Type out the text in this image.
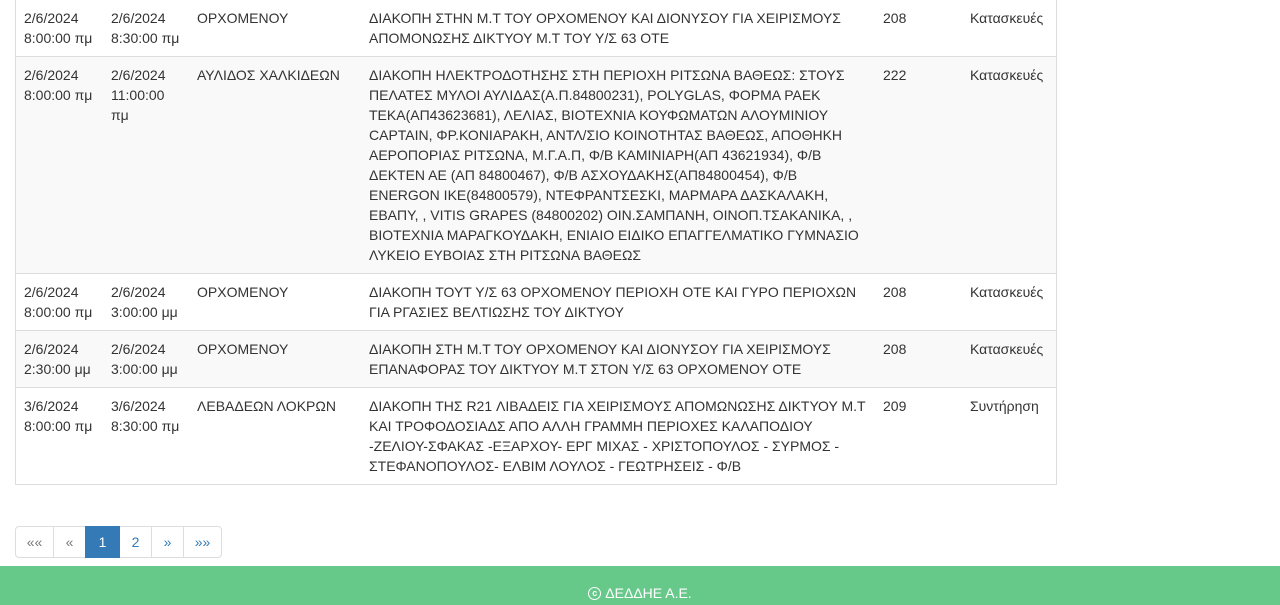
2/6/2024 8:00:00 πμ	2/6/2024 8:30:00 πμ	ΟΡΧΟΜΕΝΟΥ	ΔΙΑΚΟΠΗ ΣΤΗΝ Μ.Τ ΤΟΥ ΟΡΧΟΜΕΝΟΥ ΚΑΙ ΔΙΟΝΥΣΟΥ ΓΙΑ ΧΕΙΡΙΣΜΟΥΣ ΑΠΟΜΟΝΩΣΗΣ ΔΙΚΤΥΟΥ Μ.Τ ΤΟΥ Υ/Σ 63 ΟΤΕ	208	Κατασκευές
2/6/2024 8:00:00 πμ	2/6/2024 11:00:00 πμ	ΑΥΛΙΔΟΣ ΧΑΛΚΙΔΕΩΝ	ΔΙΑΚΟΠΗ ΗΛΕΚΤΡΟΔΟΤΗΣΗΣ ΣΤΗ ΠΕΡΙΟΧΗ ΡΙΤΣΩΝΑ ΒΑΘΕΩΣ: ΣΤΟΥΣ ΠΕΛΑΤΕΣ ΜΥΛΟΙ ΑΥΛΙΔΑΣ(Α.Π.84800231), POLYGLAS, ΦΟΡΜΑ ΡΑΕΚ ΤΕΚΑ(ΑΠ43623681), ΛΕΛΙΑΣ, ΒΙΟΤΕΧΝΙΑ ΚΟΥΦΩΜΑΤΩΝ ΑΛΟΥΜΙΝΙΟΥ CAPTAIN, ΦΡ.ΚΟΝΙΑΡΑΚΗ, ΑΝΤΛ/ΣΙΟ ΚΟΙΝΟΤΗΤΑΣ ΒΑΘΕΩΣ, ΑΠΟΘΗΚΗ ΑΕΡΟΠΟΡΙΑΣ ΡΙΤΣΩΝΑ, Μ.Γ.Α.Π, Φ/Β ΚΑΜΙΝΙΑΡΗ(ΑΠ 43621934), Φ/Β ΔΕΚΤΕΝ ΑΕ (ΑΠ 84800467), Φ/Β ΑΣΧΟΥΔΑΚΗΣ(ΑΠ84800454), Φ/Β ENERGON IKE(84800579), ΝΤΕΦΡΑΝΤΣΕΣΚΙ, ΜΑΡΜΑΡΑ ΔΑΣΚΑΛΑΚΗ, ΕΒΑΠΥ, , VITIS GRAPES (84800202) ΟΙΝ.ΣΑΜΠΑΝΗ, ΟΙΝΟΠ.ΤΣΑΚΑΝΙΚΑ, , ΒΙΟΤΕΧΝΙΑ ΜΑΡΑΓΚΟΥΔΑΚΗ, ΕΝΙΑΙΟ ΕΙΔΙΚΟ ΕΠΑΓΓΕΛΜΑΤΙΚΟ ΓΥΜΝΑΣΙΟ ΛΥΚΕΙΟ ΕΥΒΟΙΑΣ ΣΤΗ ΡΙΤΣΩΝΑ ΒΑΘΕΩΣ	222	Κατασκευές
2/6/2024 8:00:00 πμ	2/6/2024 3:00:00 μμ	ΟΡΧΟΜΕΝΟΥ	ΔΙΑΚΟΠΗ ΤΟΥΤ Υ/Σ 63 ΟΡΧΟΜΕΝΟΥ ΠΕΡΙΟΧΗ ΟΤΕ ΚΑΙ ΓΥΡΟ ΠΕΡΙΟΧΩΝ ΓΙΑ ΡΓΑΣΙΕΣ ΒΕΛΤΙΩΣΗΣ ΤΟΥ ΔΙΚΤΥΟΥ	208	Κατασκευές
2/6/2024 2:30:00 μμ	2/6/2024 3:00:00 μμ	ΟΡΧΟΜΕΝΟΥ	ΔΙΑΚΟΠΗ ΣΤΗ Μ.Τ ΤΟΥ ΟΡΧΟΜΕΝΟΥ ΚΑΙ ΔΙΟΝΥΣΟΥ ΓΙΑ ΧΕΙΡΙΣΜΟΥΣ ΕΠΑΝΑΦΟΡΑΣ ΤΟΥ ΔΙΚΤΥΟΥ Μ.Τ ΣΤΟΝ Υ/Σ 63 ΟΡΧΟΜΕΝΟΥ ΟΤΕ	208	Κατασκευές
3/6/2024 8:00:00 πμ	3/6/2024 8:30:00 πμ	ΛΕΒΑΔΕΩΝ ΛΟΚΡΩΝ	ΔΙΑΚΟΠΗ ΤΗΣ R21 ΛΙΒΑΔΕΙΣ ΓΙΑ ΧΕΙΡΙΣΜΟΥΣ ΑΠΟΜΩΝΩΣΗΣ ΔΙΚΤΥΟΥ Μ.Τ ΚΑΙ ΤΡΟΦΟΔΟΣΙΑΔΣ ΑΠΟ ΑΛΛΗ ΓΡΑΜΜΗ ΠΕΡΙΟΧΕΣ ΚΑΛΑΠΟΔΙΟΥ -ΖΕΛΙΟΥ-ΣΦΑΚΑΣ -ΕΞΑΡΧΟΥ- ΕΡΓ ΜΙΧΑΣ - ΧΡΙΣΤΟΠΟΥΛΟΣ - ΣΥΡΜΟΣ - ΣΤΕΦΑΝΟΠΟΥΛΟΣ- ΕΛΒΙΜ ΛΟΥΛΟΣ - ΓΕΩΤΡΗΣΕΙΣ - Φ/Β	209	Συντήρηση
««	«	1	2	»	»»
c ΔΕΔΔΗΕ Α.Ε.
